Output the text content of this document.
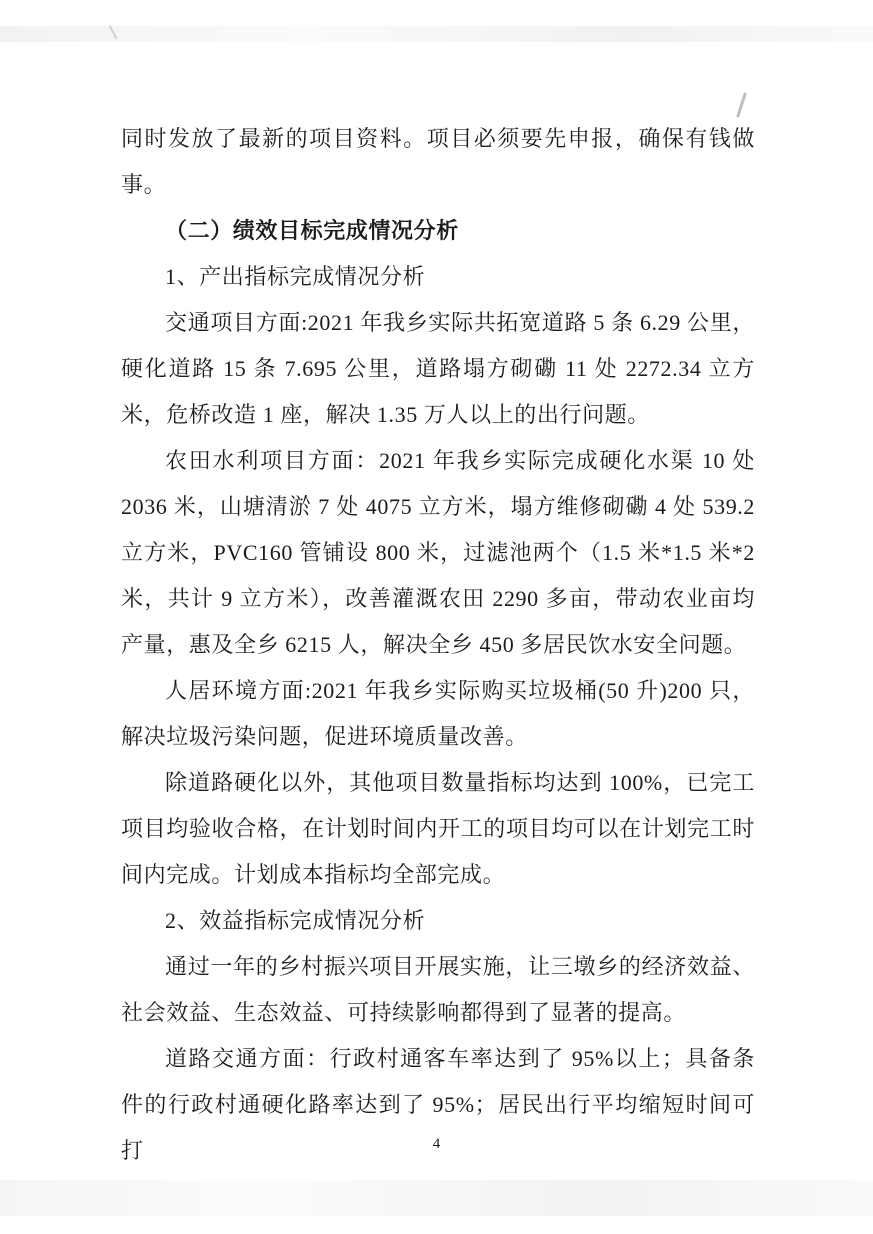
同时发放了最新的项目资料。项目必须要先申报，确保有钱做事。

（二）绩效目标完成情况分析

1、产出指标完成情况分析

交通项目方面:2021 年我乡实际共拓宽道路 5 条 6.29 公里，硬化道路 15 条 7.695 公里，道路塌方砌磡 11 处 2272.34 立方米，危桥改造 1 座，解决 1.35 万人以上的出行问题。

农田水利项目方面：2021 年我乡实际完成硬化水渠 10 处 2036 米，山塘清淤 7 处 4075 立方米，塌方维修砌磡 4 处 539.2 立方米，PVC160 管铺设 800 米，过滤池两个（1.5 米*1.5 米*2 米，共计 9 立方米），改善灌溉农田 2290 多亩，带动农业亩均产量，惠及全乡 6215 人，解决全乡 450 多居民饮水安全问题。

人居环境方面:2021 年我乡实际购买垃圾桶(50 升)200 只，解决垃圾污染问题，促进环境质量改善。

除道路硬化以外，其他项目数量指标均达到 100%，已完工项目均验收合格，在计划时间内开工的项目均可以在计划完工时间内完成。计划成本指标均全部完成。

2、效益指标完成情况分析

通过一年的乡村振兴项目开展实施，让三墩乡的经济效益、社会效益、生态效益、可持续影响都得到了显著的提高。

道路交通方面：行政村通客车率达到了 95%以上；具备条件的行政村通硬化路率达到了 95%；居民出行平均缩短时间可打	4
